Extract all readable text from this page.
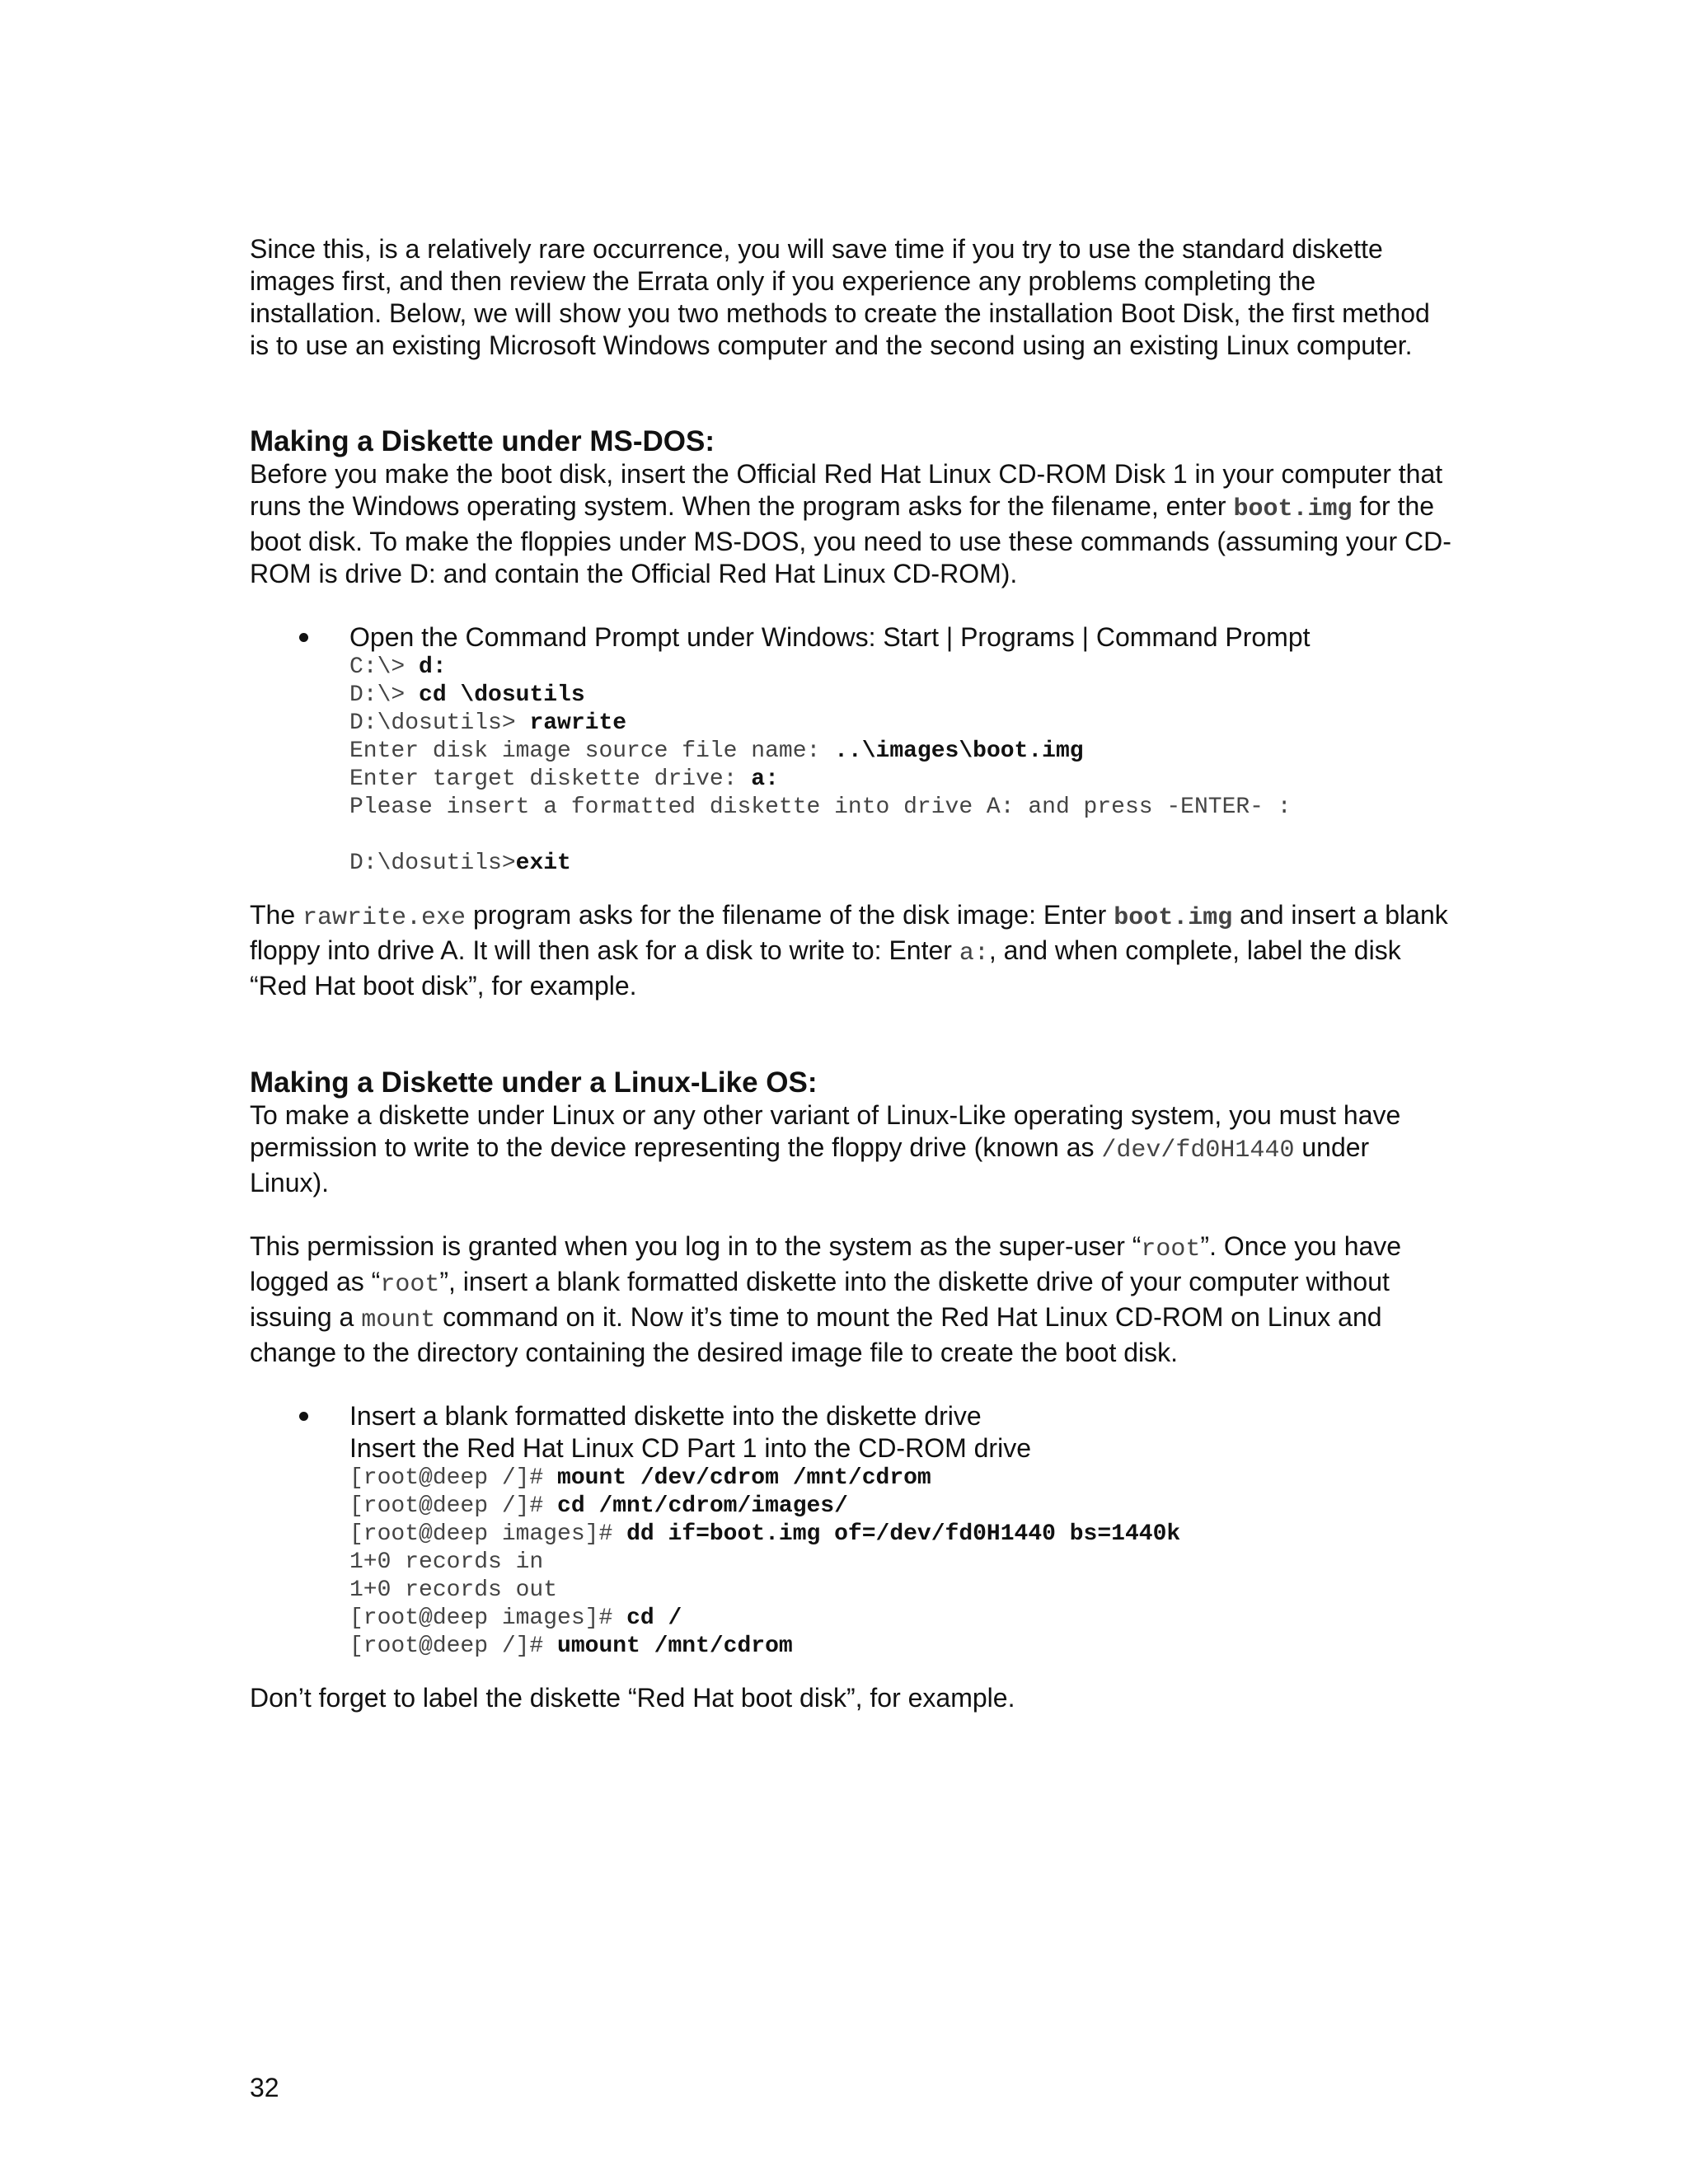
Since this, is a relatively rare occurrence, you will save time if you try to use the standard diskette images first, and then review the Errata only if you experience any problems completing the installation. Below, we will show you two methods to create the installation Boot Disk, the first method is to use an existing Microsoft Windows computer and the second using an existing Linux computer.

Making a Diskette under MS-DOS:

Before you make the boot disk, insert the Official Red Hat Linux CD-ROM Disk 1 in your computer that runs the Windows operating system. When the program asks for the filename, enter boot.img for the boot disk. To make the floppies under MS-DOS, you need to use these commands (assuming your CD-ROM is drive D: and contain the Official Red Hat Linux CD-ROM).

Open the Command Prompt under Windows: Start | Programs | Command Prompt
C:\> d:
D:\> cd \dosutils
D:\dosutils> rawrite
Enter disk image source file name: ..\images\boot.img
Enter target diskette drive: a:
Please insert a formatted diskette into drive A: and press -ENTER- :

D:\dosutils>exit

The rawrite.exe program asks for the filename of the disk image: Enter boot.img and insert a blank floppy into drive A. It will then ask for a disk to write to: Enter a:, and when complete, label the disk “Red Hat boot disk”, for example.

Making a Diskette under a Linux-Like OS:

To make a diskette under Linux or any other variant of Linux-Like operating system, you must have permission to write to the device representing the floppy drive (known as /dev/fd0H1440 under Linux).

This permission is granted when you log in to the system as the super-user “root”. Once you have logged as “root”, insert a blank formatted diskette into the diskette drive of your computer without issuing a mount command on it. Now it’s time to mount the Red Hat Linux CD-ROM on Linux and change to the directory containing the desired image file to create the boot disk.

Insert a blank formatted diskette into the diskette drive
Insert the Red Hat Linux CD Part 1 into the CD-ROM drive
[root@deep /]# mount /dev/cdrom /mnt/cdrom
[root@deep /]# cd /mnt/cdrom/images/
[root@deep images]# dd if=boot.img of=/dev/fd0H1440 bs=1440k
1+0 records in
1+0 records out
[root@deep images]# cd /
[root@deep /]# umount /mnt/cdrom

Don’t forget to label the diskette “Red Hat boot disk”, for example.

32
